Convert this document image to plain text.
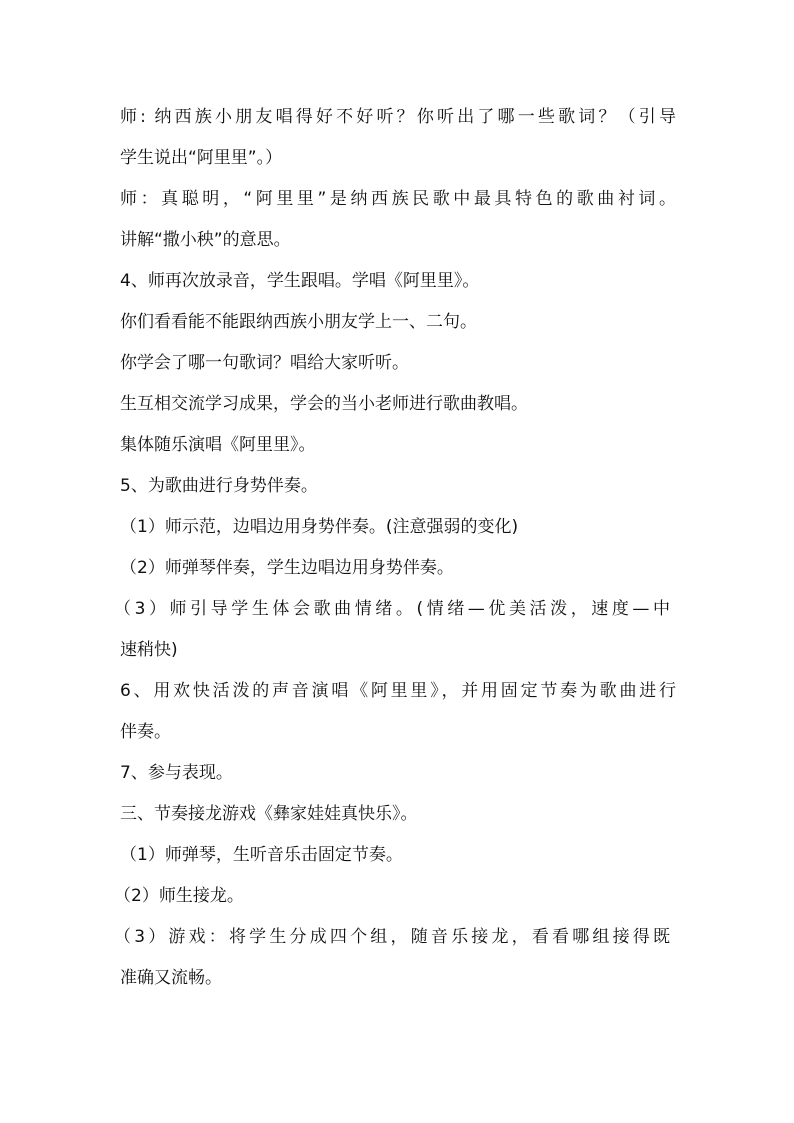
师: 纳西族小朋友唱得好不好听？你听出了哪一些歌词？（引导

学生说出“阿里里”。）

师：真聪明，“阿里里”是纳西族民歌中最具特色的歌曲衬词。

讲解“撒小秧”的意思。

4、师再次放录音，学生跟唱。学唱《阿里里》。

你们看看能不能跟纳西族小朋友学上一、二句。

你学会了哪一句歌词？唱给大家听听。

生互相交流学习成果，学会的当小老师进行歌曲教唱。

集体随乐演唱《阿里里》。

5、为歌曲进行身势伴奏。

（1）师示范，边唱边用身势伴奏。(注意强弱的变化)

（2）师弹琴伴奏，学生边唱边用身势伴奏。

（3）师引导学生体会歌曲情绪。(情绪—优美活泼，速度—中

速稍快)

6、用欢快活泼的声音演唱《阿里里》，并用固定节奏为歌曲进行

伴奏。

7、参与表现。

三、节奏接龙游戏《彝家娃娃真快乐》。

（1）师弹琴，生听音乐击固定节奏。

（2）师生接龙。

（3）游戏：将学生分成四个组，随音乐接龙，看看哪组接得既

准确又流畅。
